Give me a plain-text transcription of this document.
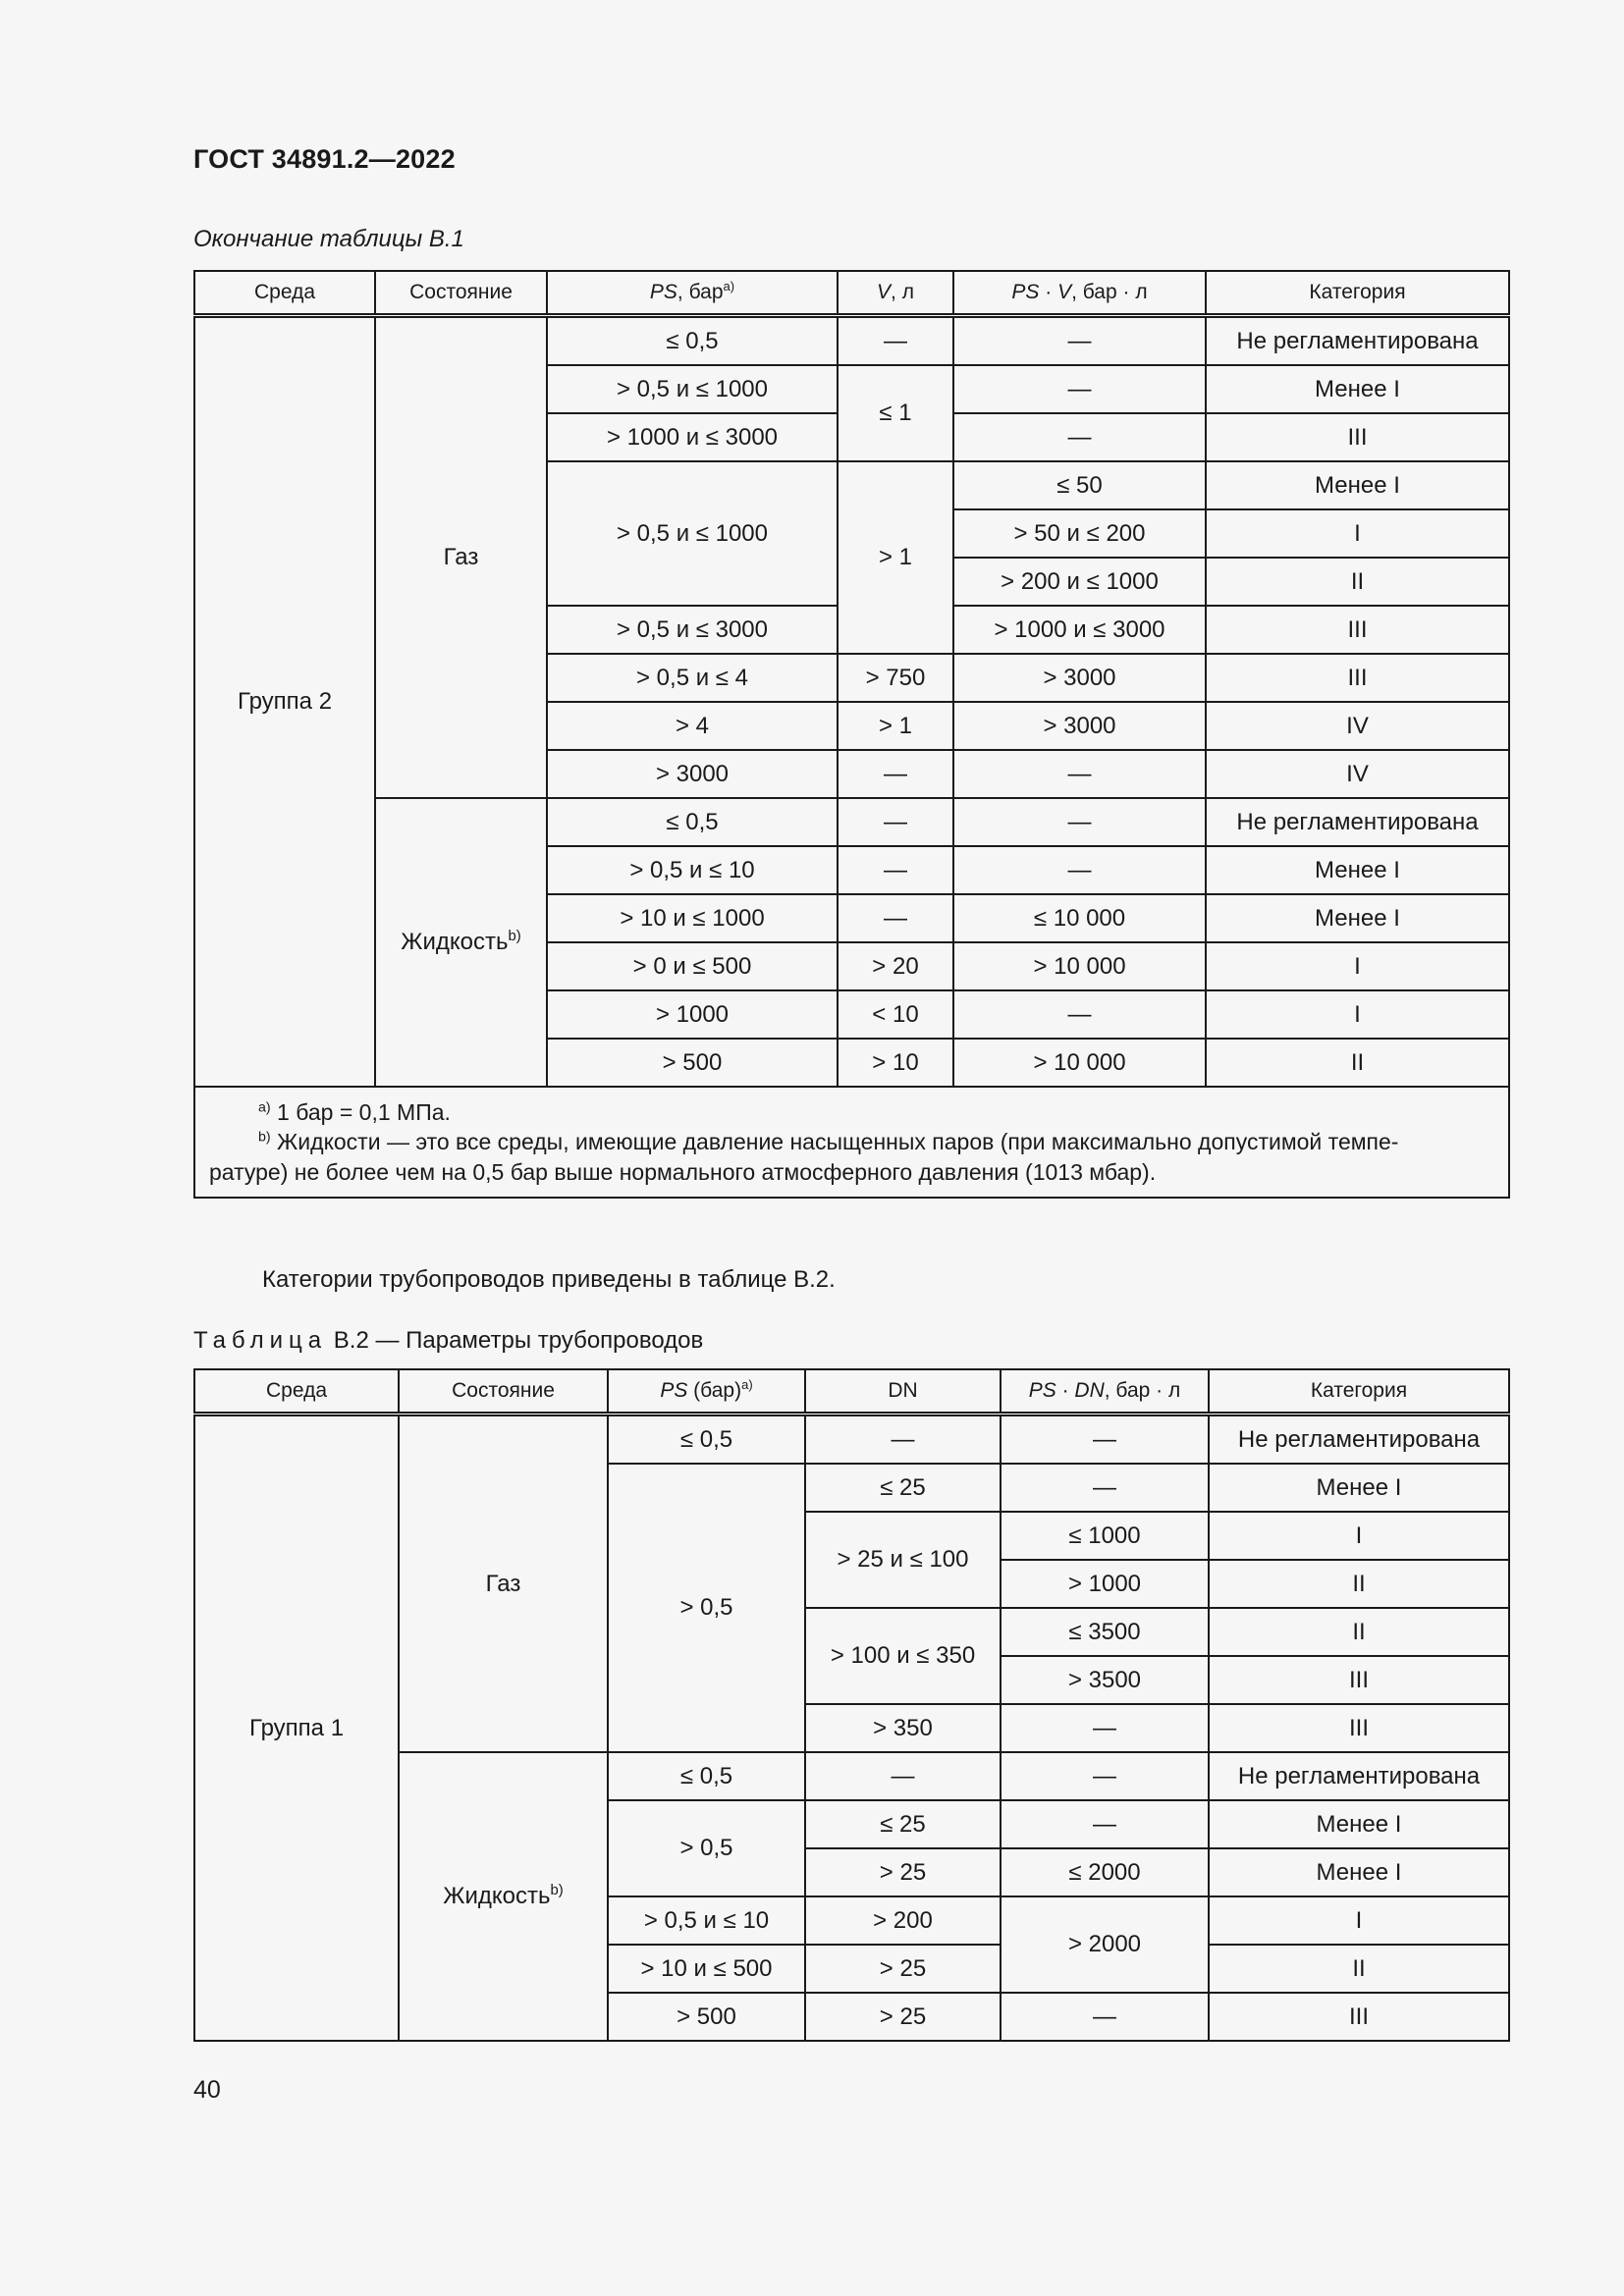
ГОСТ 34891.2—2022
Окончание таблицы В.1
Среда	Состояние	PS, бар$^{a)}$	V, л	PS · V, бар · л	Категория
Группа 2	Газ	≤ 0,5	—	—	Не регламентирована
		> 0,5 и ≤ 1000	≤ 1	—	Менее I
		> 1000 и ≤ 3000		—	III
		> 0,5 и ≤ 1000	> 1	≤ 50	Менее I
				> 50 и ≤ 200	I
				> 200 и ≤ 1000	II
		> 0,5 и ≤ 3000		> 1000 и ≤ 3000	III
		> 0,5 и ≤ 4	> 750	> 3000	III
		> 4	> 1	> 3000	IV
		> 3000	—	—	IV
	Жидкость$^{b)}$	≤ 0,5	—	—	Не регламентирована
		> 0,5 и ≤ 10	—	—	Менее I
		> 10 и ≤ 1000	—	≤ 10 000	Менее I
		> 0 и ≤ 500	> 20	> 10 000	I
		> 1000	< 10	—	I
		> 500	> 10	> 10 000	II

$^{a)}$ 1 бар = 0,1 МПа.
$^{b)}$ Жидкости — это все среды, имеющие давление насыщенных паров (при максимально допустимой темпе-
ратуре) не более чем на 0,5 бар выше нормального атмосферного давления (1013 мбар).					
Категории трубопроводов приведены в таблице В.2.
Таблица В.2 — Параметры трубопроводов
Среда	Состояние	PS (бар)$^{a)}$	DN	PS · DN, бар · л	Категория
Группа 1	Газ	≤ 0,5	—	—	Не регламентирована
		> 0,5	≤ 25	—	Менее I
			> 25 и ≤ 100	≤ 1000	I
				> 1000	II
			> 100 и ≤ 350	≤ 3500	II
				> 3500	III
			> 350	—	III
	Жидкость$^{b)}$	≤ 0,5	—	—	Не регламентирована
		> 0,5	≤ 25	—	Менее I
			> 25	≤ 2000	Менее I
		> 0,5 и ≤ 10	> 200	> 2000	I
		> 10 и ≤ 500	> 25		II
		> 500	> 25	—	III
40
